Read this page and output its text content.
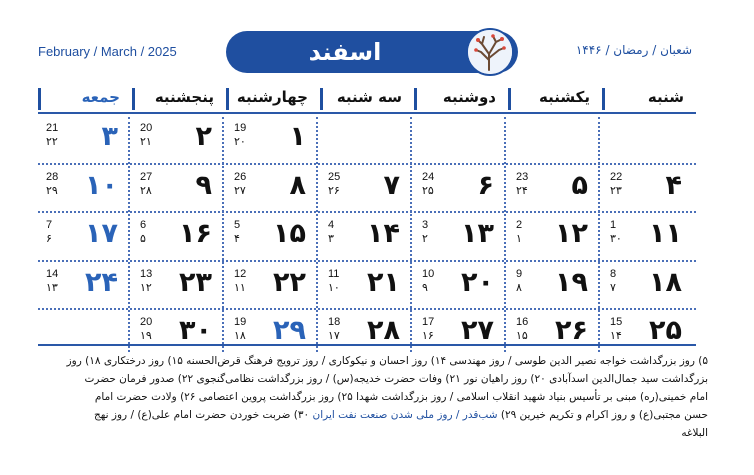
February / March / 2025	اسفند	شعبان / رمضان / ۱۴۴۶
شنبه
یکشنبه
دوشنبه
سه شنبه
چهارشنبه
پنجشنبه
جمعه
۱
19
۲۰
۲
20
۲۱
۳
21
۲۲
۴
22
۲۳
۵
23
۲۴
۶
24
۲۵
۷
25
۲۶
۸
26
۲۷
۹
27
۲۸
۱۰
28
۲۹
۱۱
1
۳۰
۱۲
2
۱
۱۳
3
۲
۱۴
4
۳
۱۵
5
۴
۱۶
6
۵
۱۷
7
۶
۱۸
8
۷
۱۹
9
۸
۲۰
10
۹
۲۱
11
۱۰
۲۲
12
۱۱
۲۳
13
۱۲
۲۴
14
۱۳
۲۵
15
۱۴
۲۶
16
۱۵
۲۷
17
۱۶
۲۸
18
۱۷
۲۹
19
۱۸
۳۰
20
۱۹
۵) روز بزرگداشت خواجه نصیر الدین طوسی / روز مهندسی ۱۴) روز احسان و نیکوکاری / روز ترویج فرهنگ قرض‌الحسنه ۱۵) روز درختکاری ۱۸) روز
بزرگداشت سید جمال‌الدین اسدآبادی ۲۰) روز راهیان نور ۲۱) وفات حضرت خدیجه(س) / روز بزرگداشت نظامی‌گنجوی ۲۲) صدور فرمان حضرت
امام خمینی(ره) مبنی بر تأسیس بنیاد شهید انقلاب اسلامی / روز بزرگداشت شهدا ۲۵) روز بزرگداشت پروین اعتصامی ۲۶) ولادت حضرت امام
حسن مجتبی(ع) و روز اکرام و تکریم خیرین ۲۹) شب‌قدر / روز ملی شدن صنعت نفت ایران ۳۰) ضربت خوردن حضرت امام علی(ع) / روز نهج
البلاغه
